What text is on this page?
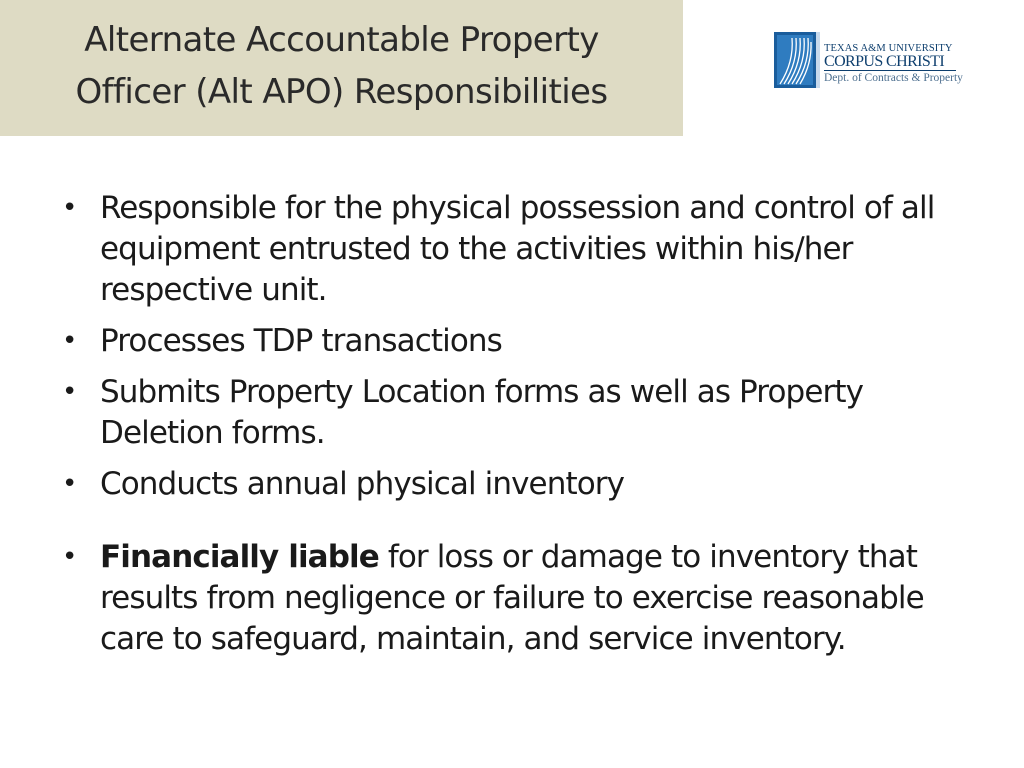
Alternate Accountable Property
Officer (Alt APO) Responsibilities
TEXAS A&M UNIVERSITY
CORPUS CHRISTI
Dept. of Contracts & Property
• Responsible for the physical possession and control of all equipment entrusted to the activities within his/her respective unit.
• Processes TDP transactions
• Submits Property Location forms as well as Property Deletion forms.
• Conducts annual physical inventory
• Financially liable for loss or damage to inventory that results from negligence or failure to exercise reasonable care to safeguard, maintain, and service inventory.
